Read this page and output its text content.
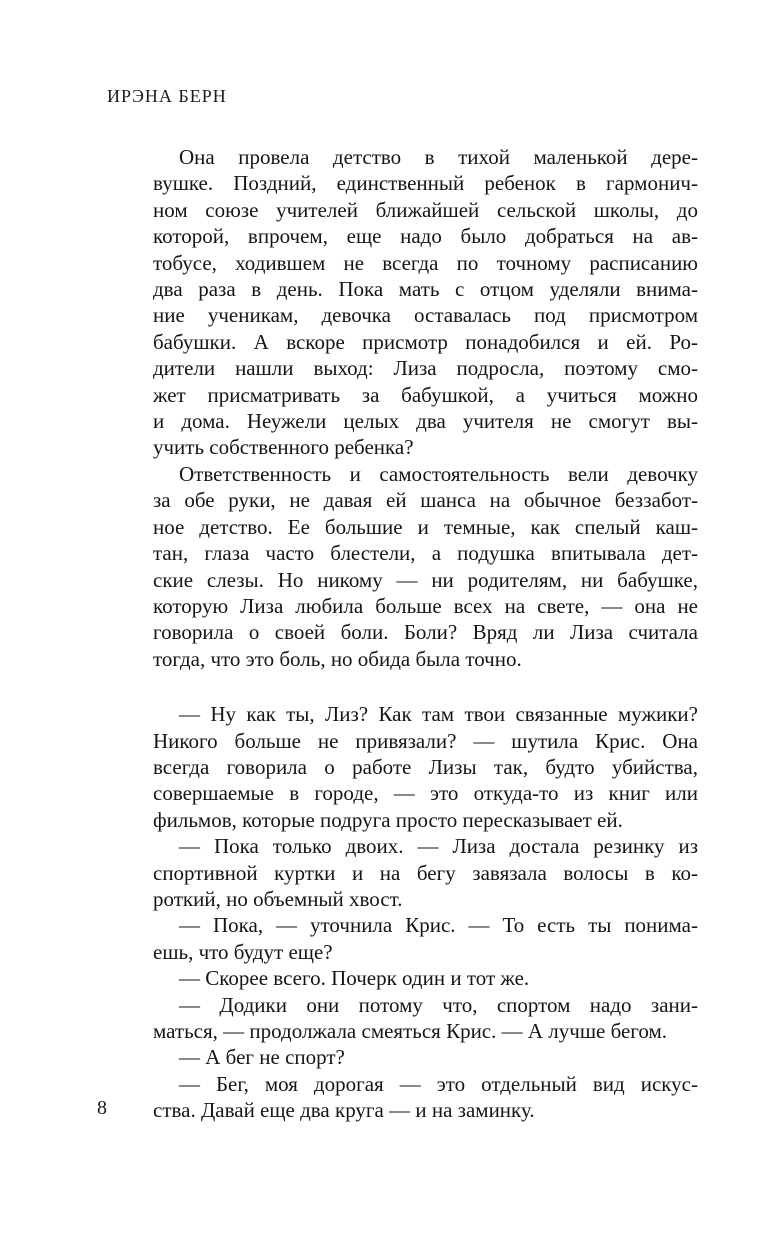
ИРЭНА БЕРН
Она провела детство в тихой маленькой дере-
вушке. Поздний, единственный ребенок в гармонич-
ном союзе учителей ближайшей сельской школы, до
которой, впрочем, еще надо было добраться на ав-
тобусе, ходившем не всегда по точному расписанию
два раза в день. Пока мать с отцом уделяли внима-
ние ученикам, девочка оставалась под присмотром
бабушки. А вскоре присмотр понадобился и ей. Ро-
дители нашли выход: Лиза подросла, поэтому смо-
жет присматривать за бабушкой, а учиться можно
и дома. Неужели целых два учителя не смогут вы-
учить собственного ребенка?
Ответственность и самостоятельность вели девочку
за обе руки, не давая ей шанса на обычное беззабот-
ное детство. Ее большие и темные, как спелый каш-
тан, глаза часто блестели, а подушка впитывала дет-
ские слезы. Но никому — ни родителям, ни бабушке,
которую Лиза любила больше всех на свете, — она не
говорила о своей боли. Боли? Вряд ли Лиза считала
тогда, что это боль, но обида была точно.
— Ну как ты, Лиз? Как там твои связанные мужики?
Никого больше не привязали? — шутила Крис. Она
всегда говорила о работе Лизы так, будто убийства,
совершаемые в городе, — это откуда-то из книг или
фильмов, которые подруга просто пересказывает ей.
— Пока только двоих. — Лиза достала резинку из
спортивной куртки и на бегу завязала волосы в ко-
роткий, но объемный хвост.
— Пока, — уточнила Крис. — То есть ты понима-
ешь, что будут еще?
— Скорее всего. Почерк один и тот же.
— Додики они потому что, спортом надо зани-
маться, — продолжала смеяться Крис. — А лучше бегом.
— А бег не спорт?
— Бег, моя дорогая — это отдельный вид искус-
ства. Давай еще два круга — и на заминку.
8
